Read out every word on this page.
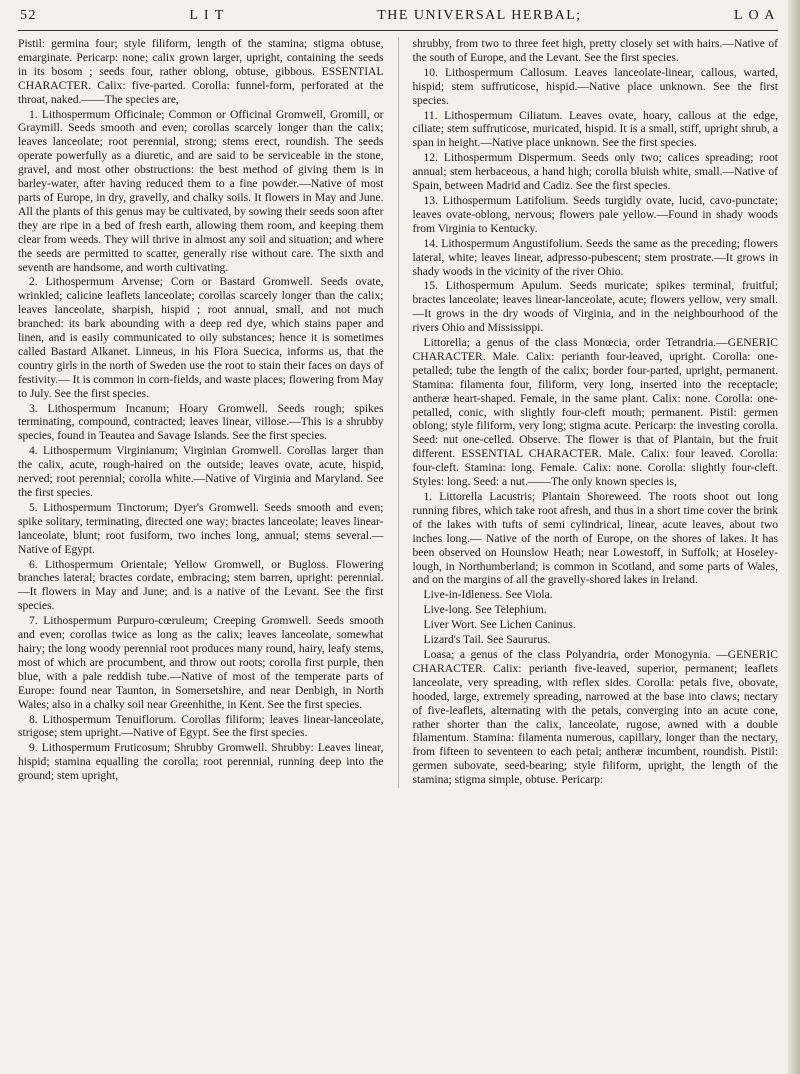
52	L I T	THE UNIVERSAL HERBAL;	L O A

Pistil: germina four; style filiform, length of the stamina; stigma obtuse, emarginate. Pericarp: none; calix grown larger, upright, containing the seeds in its bosom ; seeds four, rather oblong, obtuse, gibbous. ESSENTIAL CHARACTER. Calix: five-parted. Corolla: funnel-form, perforated at the throat, naked.——The species are,

1. Lithospermum Officinale; Common or Officinal Gromwell, Gromill, or Graymill. Seeds smooth and even; corollas scarcely longer than the calix; leaves lanceolate; root perennial, strong; stems erect, roundish. The seeds operate powerfully as a diuretic, and are said to be serviceable in the stone, gravel, and most other obstructions: the best method of giving them is in barley-water, after having reduced them to a fine powder.—Native of most parts of Europe, in dry, gravelly, and chalky soils. It flowers in May and June. All the plants of this genus may be cultivated, by sowing their seeds soon after they are ripe in a bed of fresh earth, allowing them room, and keeping them clear from weeds. They will thrive in almost any soil and situation; and where the seeds are permitted to scatter, generally rise without care. The sixth and seventh are handsome, and worth cultivating.

2. Lithospermum Arvense; Corn or Bastard Gromwell. Seeds ovate, wrinkled; calicine leaflets lanceolate; corollas scarcely longer than the calix; leaves lanceolate, sharpish, hispid ; root annual, small, and not much branched: its bark abounding with a deep red dye, which stains paper and linen, and is easily communicated to oily substances; hence it is sometimes called Bastard Alkanet. Linneus, in his Flora Suecica, informs us, that the country girls in the north of Sweden use the root to stain their faces on days of festivity.— It is common in corn-fields, and waste places; flowering from May to July. See the first species.

3. Lithospermum Incanum; Hoary Gromwell. Seeds rough; spikes terminating, compound, contracted; leaves linear, villose.—This is a shrubby species, found in Teautea and Savage Islands. See the first species.

4. Lithospermum Virginianum; Virginian Gromwell. Corollas larger than the calix, acute, rough-haired on the outside; leaves ovate, acute, hispid, nerved; root perennial; corolla white.—Native of Virginia and Maryland. See the first species.

5. Lithospermum Tinctorum; Dyer's Gromwell. Seeds smooth and even; spike solitary, terminating, directed one way; bractes lanceolate; leaves linear-lanceolate, blunt; root fusiform, two inches long, annual; stems several.— Native of Egypt.

6. Lithospermum Orientale; Yellow Gromwell, or Bugloss. Flowering branches lateral; bractes cordate, embracing; stem barren, upright: perennial.—It flowers in May and June; and is a native of the Levant. See the first species.

7. Lithospermum Purpuro-cœruleum; Creeping Gromwell. Seeds smooth and even; corollas twice as long as the calix; leaves lanceolate, somewhat hairy; the long woody perennial root produces many round, hairy, leafy stems, most of which are procumbent, and throw out roots; corolla first purple, then blue, with a pale reddish tube.—Native of most of the temperate parts of Europe: found near Taunton, in Somersetshire, and near Denbigh, in North Wales; also in a chalky soil near Greenhithe, in Kent. See the first species.

8. Lithospermum Tenuiflorum. Corollas filiform; leaves linear-lanceolate, strigose; stem upright.—Native of Egypt. See the first species.

9. Lithospermum Fruticosum; Shrubby Gromwell. Shrubby: Leaves linear, hispid; stamina equalling the corolla; root perennial, running deep into the ground; stem upright,

shrubby, from two to three feet high, pretty closely set with hairs.—Native of the south of Europe, and the Levant. See the first species.

10. Lithospermum Callosum. Leaves lanceolate-linear, callous, warted, hispid; stem suffruticose, hispid.—Native place unknown. See the first species.

11. Lithospermum Ciliatum. Leaves ovate, hoary, callous at the edge, ciliate; stem suffruticose, muricated, hispid. It is a small, stiff, upright shrub, a span in height.—Native place unknown. See the first species.

12. Lithospermum Dispermum. Seeds only two; calices spreading; root annual; stem herbaceous, a hand high; corolla bluish white, small.—Native of Spain, between Madrid and Cadiz. See the first species.

13. Lithospermum Latifolium. Seeds turgidly ovate, lucid, cavo-punctate; leaves ovate-oblong, nervous; flowers pale yellow.—Found in shady woods from Virginia to Kentucky.

14. Lithospermum Angustifolium. Seeds the same as the preceding; flowers lateral, white; leaves linear, adpresso-pubescent; stem prostrate.—It grows in shady woods in the vicinity of the river Ohio.

15. Lithospermum Apulum. Seeds muricate; spikes terminal, fruitful; bractes lanceolate; leaves linear-lanceolate, acute; flowers yellow, very small.—It grows in the dry woods of Virginia, and in the neighbourhood of the rivers Ohio and Mississippi.

Littorella; a genus of the class Monœcia, order Tetrandria.—GENERIC CHARACTER. Male. Calix: perianth four-leaved, upright. Corolla: one-petalled; tube the length of the calix; border four-parted, upright, permanent. Stamina: filamenta four, filiform, very long, inserted into the receptacle; antheræ heart-shaped. Female, in the same plant. Calix: none. Corolla: one-petalled, conic, with slightly four-cleft mouth; permanent. Pistil: germen oblong; style filiform, very long; stigma acute. Pericarp: the investing corolla. Seed: nut one-celled. Observe. The flower is that of Plantain, but the fruit different. ESSENTIAL CHARACTER. Male. Calix: four leaved. Corolla: four-cleft. Stamina: long. Female. Calix: none. Corolla: slightly four-cleft. Styles: long. Seed: a nut.——The only known species is,

1. Littorella Lacustris; Plantain Shoreweed. The roots shoot out long running fibres, which take root afresh, and thus in a short time cover the brink of the lakes with tufts of semi cylindrical, linear, acute leaves, about two inches long.— Native of the north of Europe, on the shores of lakes. It has been observed on Hounslow Heath; near Lowestoff, in Suffolk; at Hoseley-lough, in Northumberland; is common in Scotland, and some parts of Wales, and on the margins of all the gravelly-shored lakes in Ireland.

Live-in-Idleness. See Viola.

Live-long. See Telephium.

Liver Wort. See Lichen Caninus.

Lizard's Tail. See Saururus.

Loasa; a genus of the class Polyandria, order Monogynia. —GENERIC CHARACTER. Calix: perianth five-leaved, superior, permanent; leaflets lanceolate, very spreading, with reflex sides. Corolla: petals five, obovate, hooded, large, extremely spreading, narrowed at the base into claws; nectary of five-leaflets, alternating with the petals, converging into an acute cone, rather shorter than the calix, lanceolate, rugose, awned with a double filamentum. Stamina: filamenta numerous, capillary, longer than the nectary, from fifteen to seventeen to each petal; antheræ incumbent, roundish. Pistil: germen subovate, seed-bearing; style filiform, upright, the length of the stamina; stigma simple, obtuse. Pericarp:
